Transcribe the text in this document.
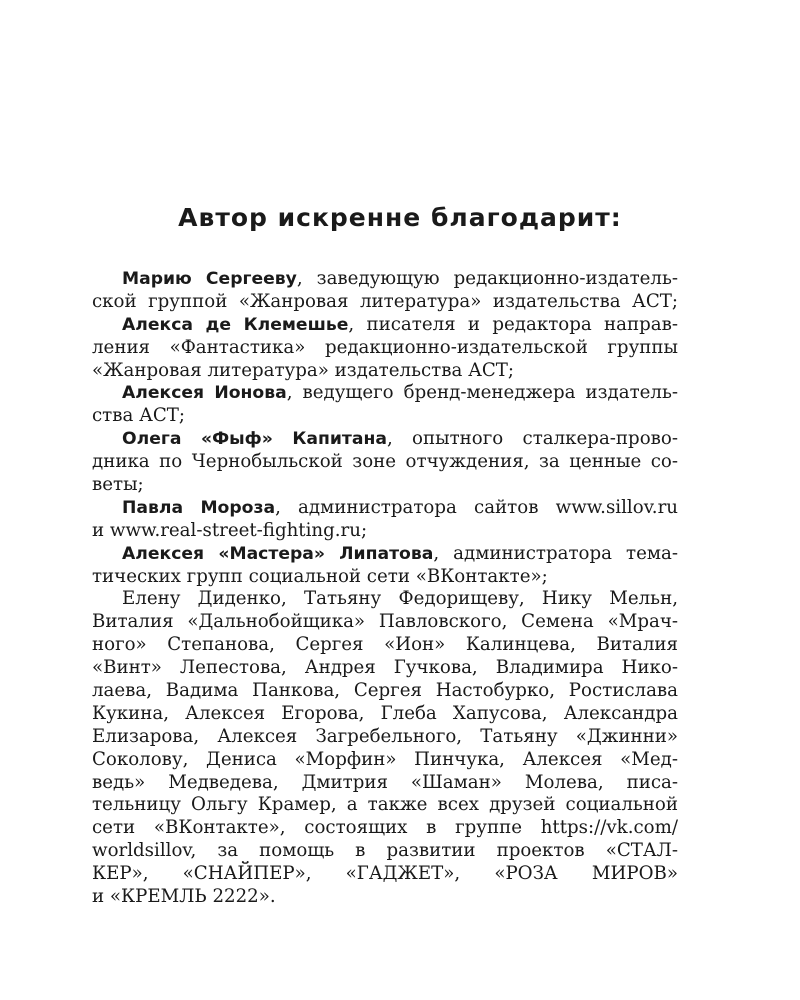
Автор искренне благодарит:
Марию Сергееву, заведующую редакционно-издатель-
ской группой «Жанровая литература» издательства АСТ;
Алекса де Клемешье, писателя и редактора направ-
ления «Фантастика» редакционно-издательской группы
«Жанровая литература» издательства АСТ;
Алексея Ионова, ведущего бренд-менеджера издатель-
ства АСТ;
Олега «Фыф» Капитана, опытного сталкера-прово-
дника по Чернобыльской зоне отчуждения, за ценные со-
веты;
Павла Мороза, администратора сайтов www.sillov.ru
и www.real-street-fighting.ru;
Алексея «Мастера» Липатова, администратора тема-
тических групп социальной сети «ВКонтакте»;
Елену Диденко, Татьяну Федорищеву, Нику Мельн,
Виталия «Дальнобойщика» Павловского, Семена «Мрач-
ного» Степанова, Сергея «Ион» Калинцева, Виталия
«Винт» Лепестова, Андрея Гучкова, Владимира Нико-
лаева, Вадима Панкова, Сергея Настобурко, Ростислава
Кукина, Алексея Егорова, Глеба Хапусова, Александра
Елизарова, Алексея Загребельного, Татьяну «Джинни»
Соколову, Дениса «Морфин» Пинчука, Алексея «Мед-
ведь» Медведева, Дмитрия «Шаман» Молева, писа-
тельницу Ольгу Крамер, а также всех друзей социальной
сети «ВКонтакте», состоящих в группе https://vk.com/
worldsillov, за помощь в развитии проектов «СТАЛ-
КЕР», «СНАЙПЕР», «ГАДЖЕТ», «РОЗА МИРОВ»
и «КРЕМЛЬ 2222».
